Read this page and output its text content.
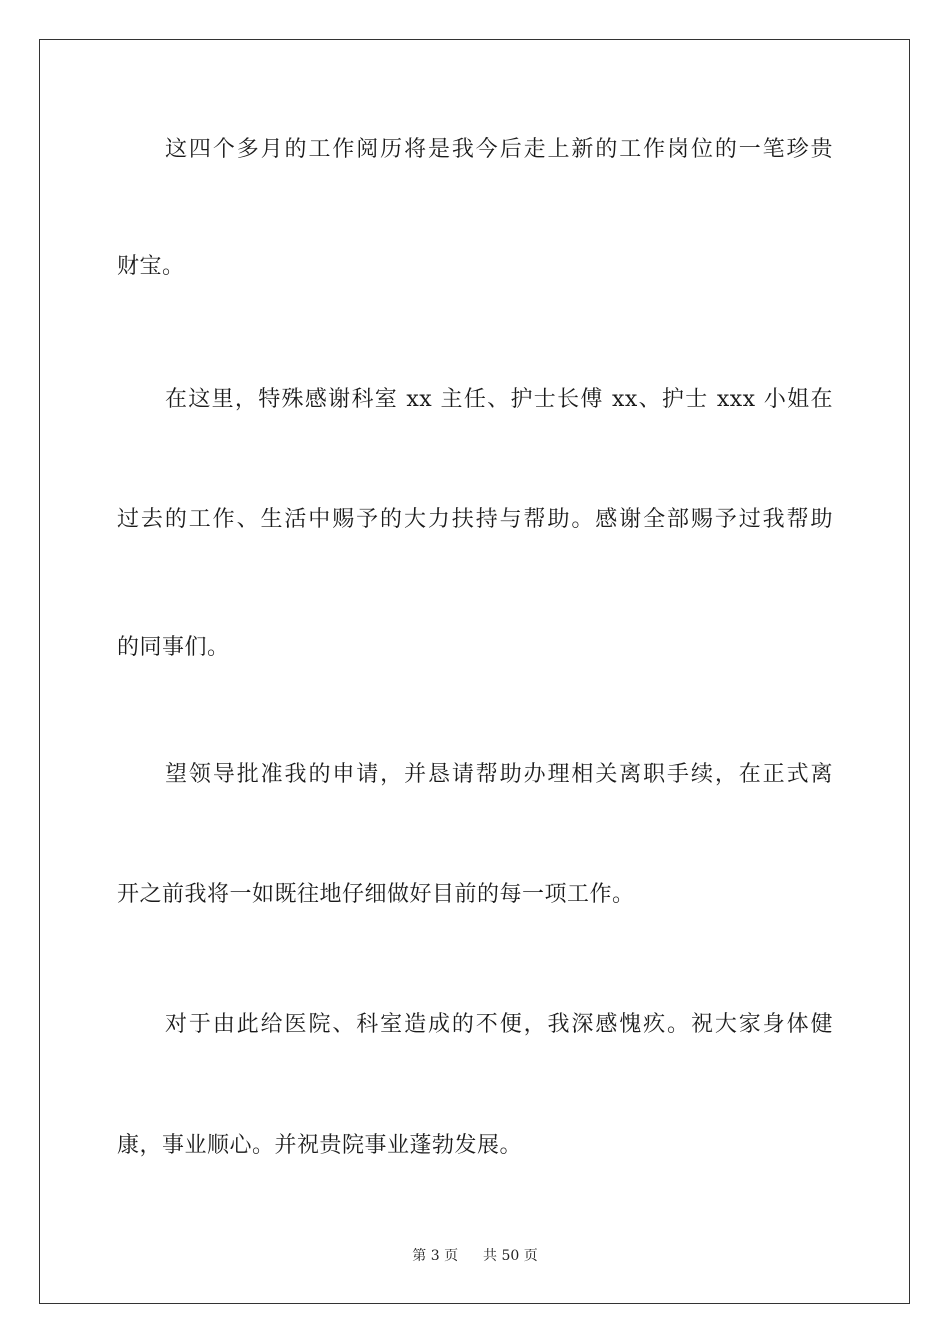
这四个多月的工作阅历将是我今后走上新的工作岗位的一笔珍贵
财宝。
在这里，特殊感谢科室 xx 主任、护士长傅 xx、护士 xxx 小姐在
过去的工作、生活中赐予的大力扶持与帮助。感谢全部赐予过我帮助
的同事们。
望领导批准我的申请，并恳请帮助办理相关离职手续，在正式离
开之前我将一如既往地仔细做好目前的每一项工作。
对于由此给医院、科室造成的不便，我深感愧疚。祝大家身体健
康，事业顺心。并祝贵院事业蓬勃发展。
第 3 页 共 50 页
